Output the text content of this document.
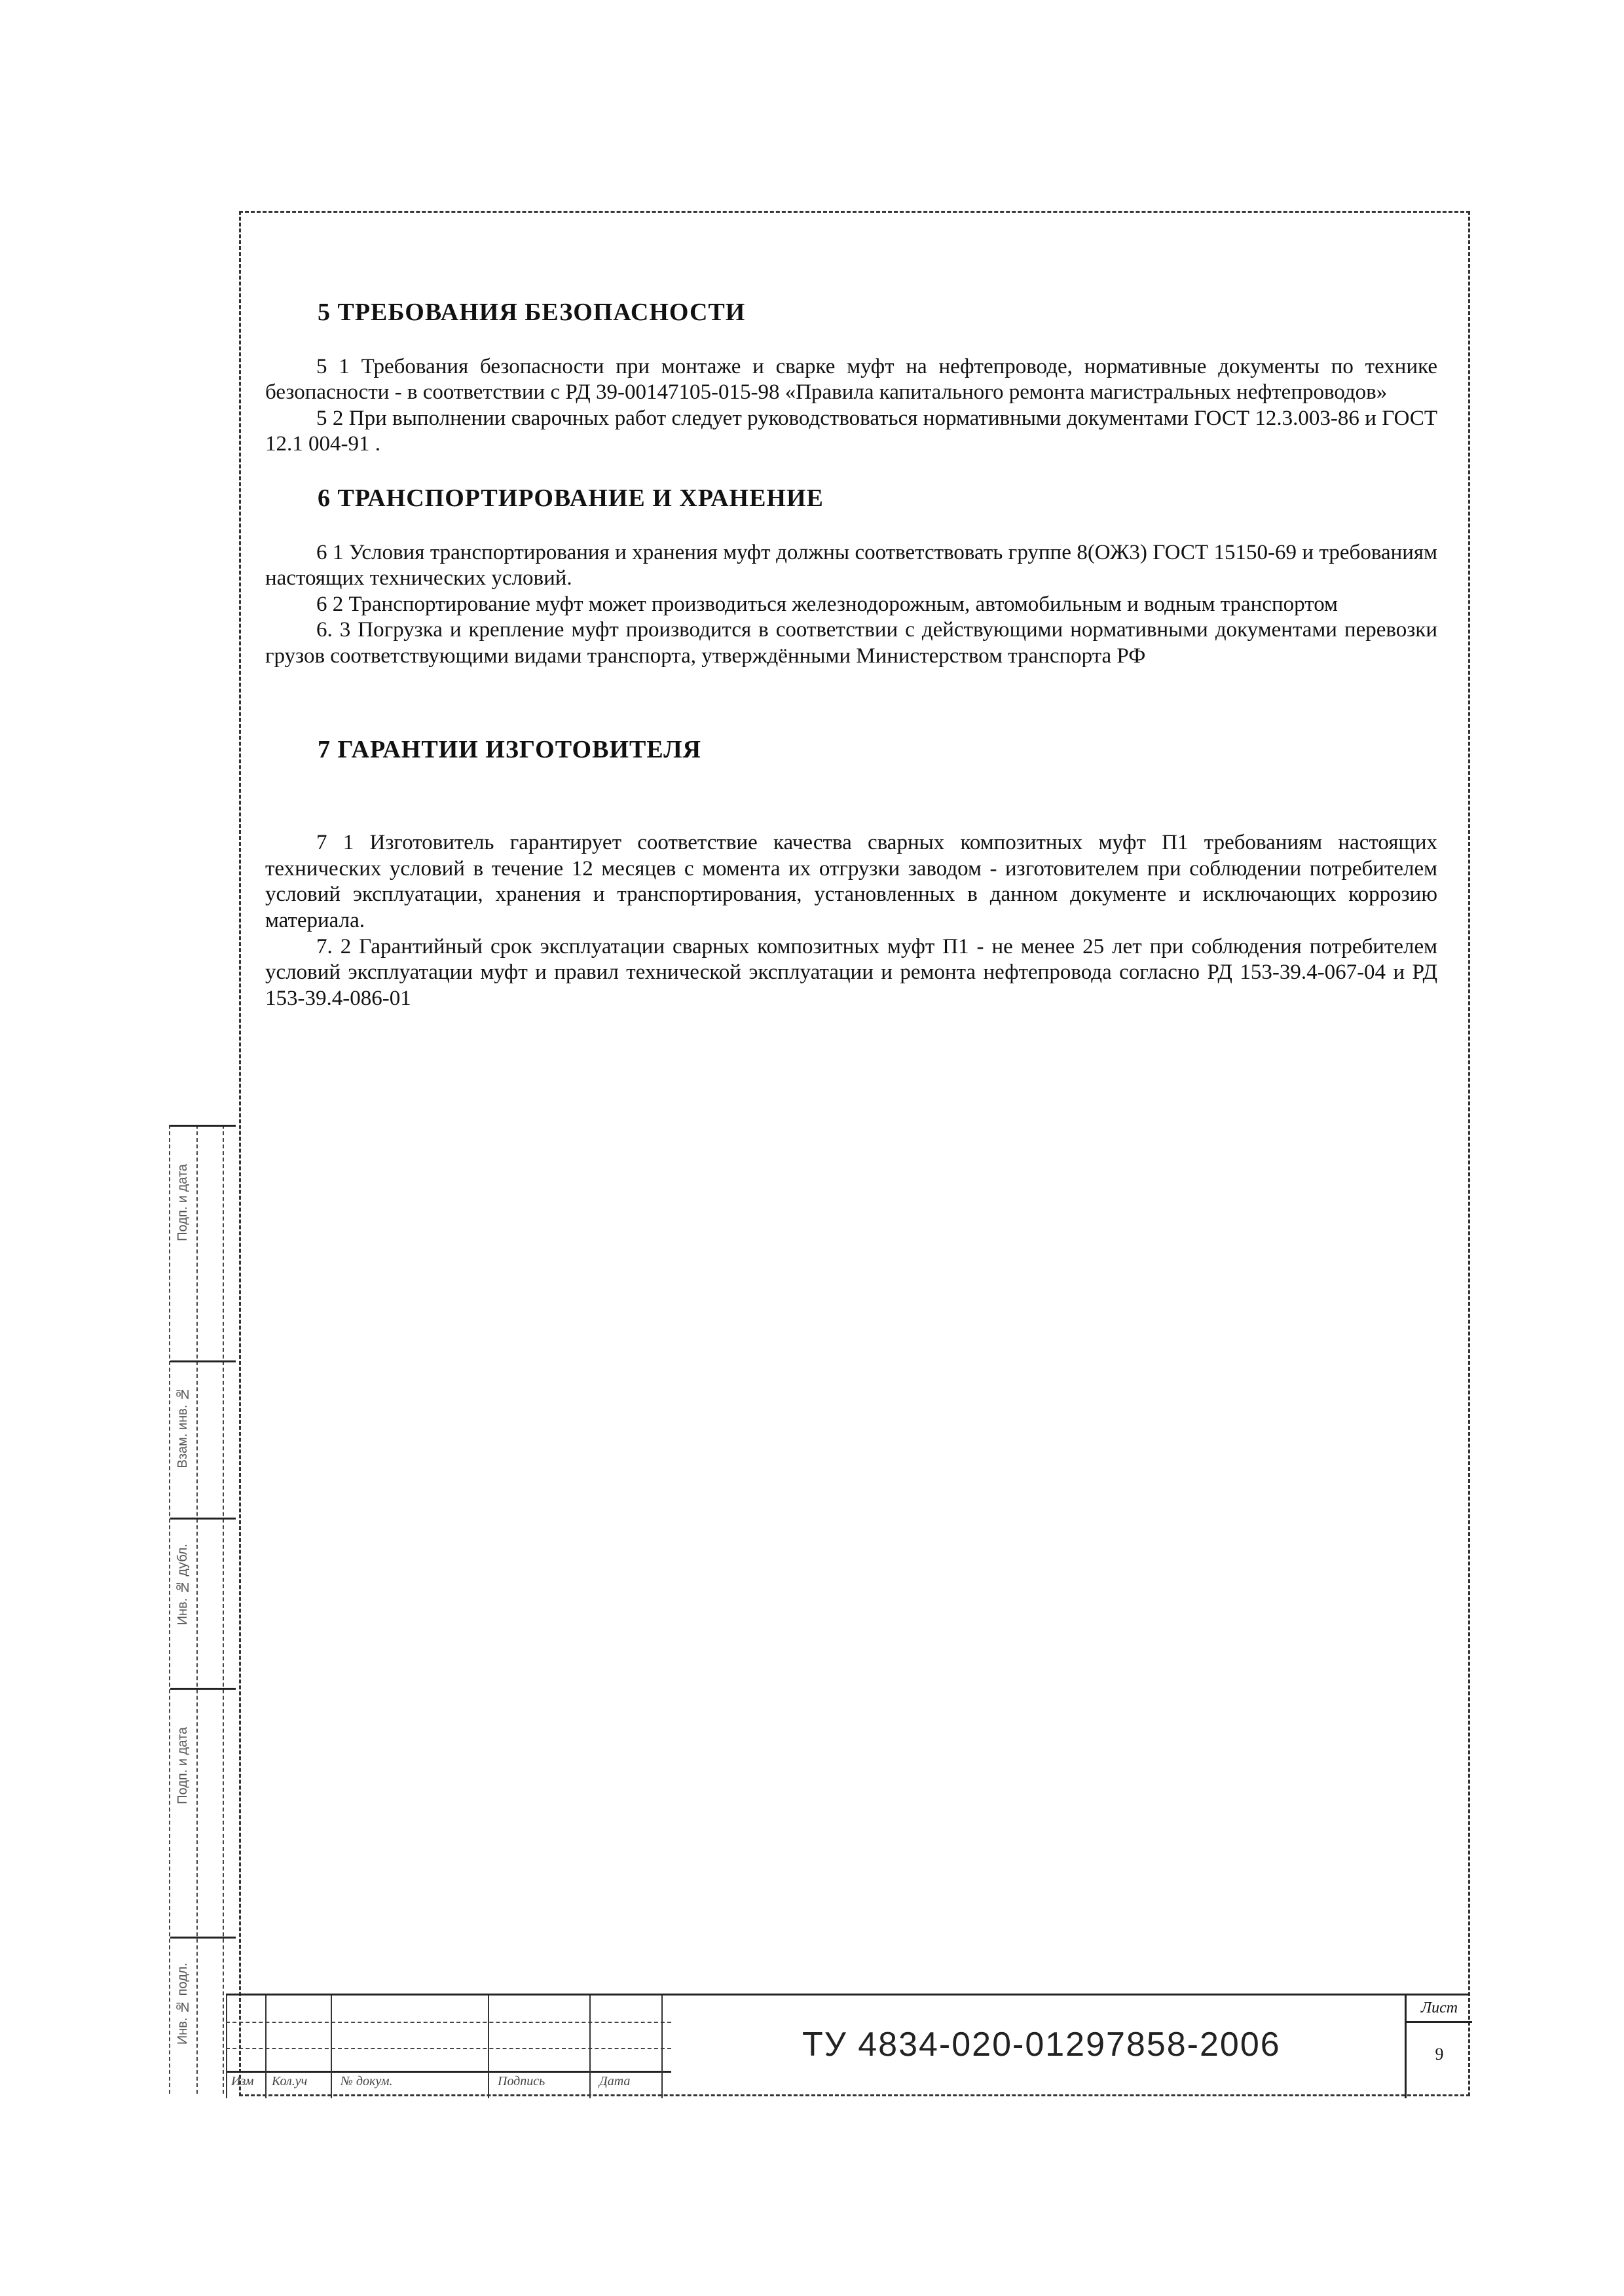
5 ТРЕБОВАНИЯ БЕЗОПАСНОСТИ

5 1 Требования безопасности при монтаже и сварке муфт на нефтепроводе, нормативные документы по технике безопасности - в соответствии с РД 39-00147105-015-98 «Правила капитального ремонта магистральных нефтепроводов»

5 2 При выполнении сварочных работ следует руководствоваться нормативными документами ГОСТ 12.3.003-86 и ГОСТ 12.1 004-91 .

6 ТРАНСПОРТИРОВАНИЕ И ХРАНЕНИЕ

6 1 Условия транспортирования и хранения муфт должны соответствовать группе 8(ОЖ3) ГОСТ 15150-69 и требованиям настоящих технических условий.

6 2 Транспортирование муфт может производиться железнодорожным, автомобильным и водным транспортом

6. 3 Погрузка и крепление муфт производится в соответствии с действующими нормативными документами перевозки грузов соответствующими видами транспорта, утверждёнными Министерством транспорта РФ

7 ГАРАНТИИ ИЗГОТОВИТЕЛЯ

7 1 Изготовитель гарантирует соответствие качества сварных композитных муфт П1 требованиям настоящих технических условий в течение 12 месяцев с момента их отгрузки заводом - изготовителем при соблюдении потребителем условий эксплуатации, хранения и транспортирования, установленных в данном документе и исключающих коррозию материала.

7. 2 Гарантийный срок эксплуатации сварных композитных муфт П1 - не менее 25 лет при соблюдения потребителем условий эксплуатации муфт и правил технической эксплуатации и ремонта нефтепровода согласно РД 153-39.4-067-04 и РД 153-39.4-086-01

Подп. и дата
Взам. инв. №
Инв. № дубл.
Подп. и дата
Инв. № подл.
Изм Кол.уч	№ докум.	Подпись	Дата
ТУ 4834-020-01297858-2006
Лист
9
